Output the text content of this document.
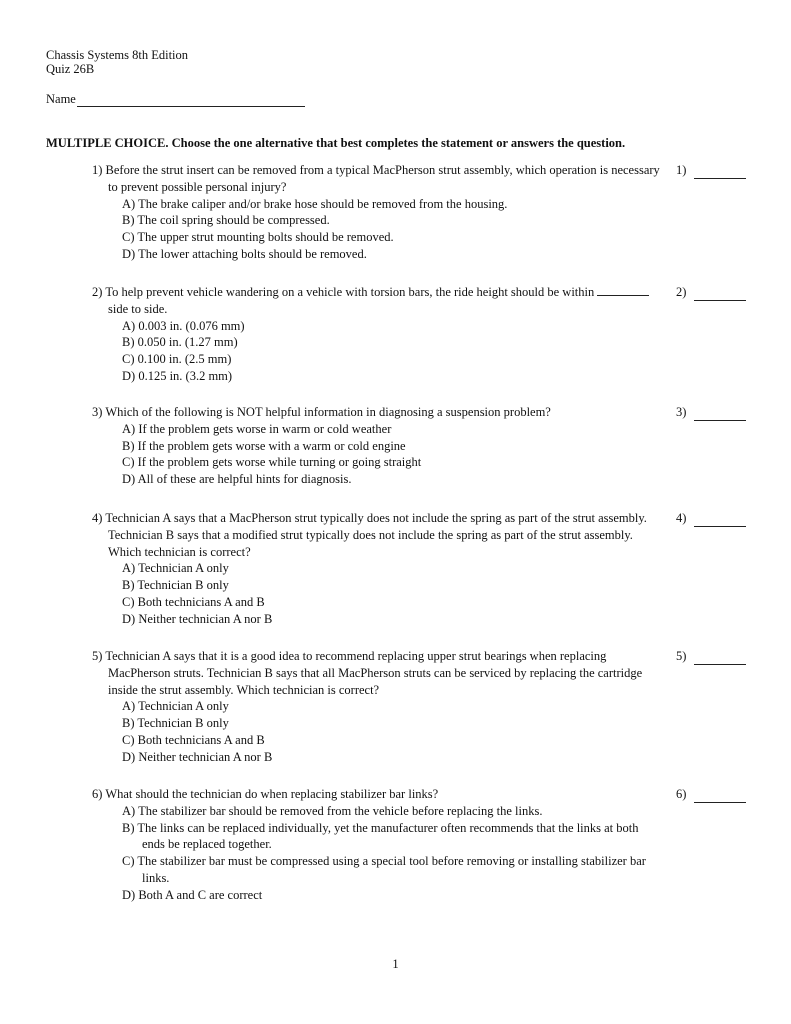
Chassis Systems 8th Edition
Quiz 26B
Name
MULTIPLE CHOICE. Choose the one alternative that best completes the statement or answers the question.
1) Before the strut insert can be removed from a typical MacPherson strut assembly, which operation is necessary to prevent possible personal injury?
A) The brake caliper and/or brake hose should be removed from the housing.
B) The coil spring should be compressed.
C) The upper strut mounting bolts should be removed.
D) The lower attaching bolts should be removed.
1)
2) To help prevent vehicle wandering on a vehicle with torsion bars, the ride height should be within  side to side.
A) 0.003 in. (0.076 mm)
B) 0.050 in. (1.27 mm)
C) 0.100 in. (2.5 mm)
D) 0.125 in. (3.2 mm)
2)
3) Which of the following is NOT helpful information in diagnosing a suspension problem?
A) If the problem gets worse in warm or cold weather
B) If the problem gets worse with a warm or cold engine
C) If the problem gets worse while turning or going straight
D) All of these are helpful hints for diagnosis.
3)
4) Technician A says that a MacPherson strut typically does not include the spring as part of the strut assembly. Technician B says that a modified strut typically does not include the spring as part of the strut assembly. Which technician is correct?
A) Technician A only
B) Technician B only
C) Both technicians A and B
D) Neither technician A nor B
4)
5) Technician A says that it is a good idea to recommend replacing upper strut bearings when replacing MacPherson struts. Technician B says that all MacPherson struts can be serviced by replacing the cartridge inside the strut assembly. Which technician is correct?
A) Technician A only
B) Technician B only
C) Both technicians A and B
D) Neither technician A nor B
5)
6) What should the technician do when replacing stabilizer bar links?
A) The stabilizer bar should be removed from the vehicle before replacing the links.
B) The links can be replaced individually, yet the manufacturer often recommends that the links at both ends be replaced together.
C) The stabilizer bar must be compressed using a special tool before removing or installing stabilizer bar links.
D) Both A and C are correct
6)
1
